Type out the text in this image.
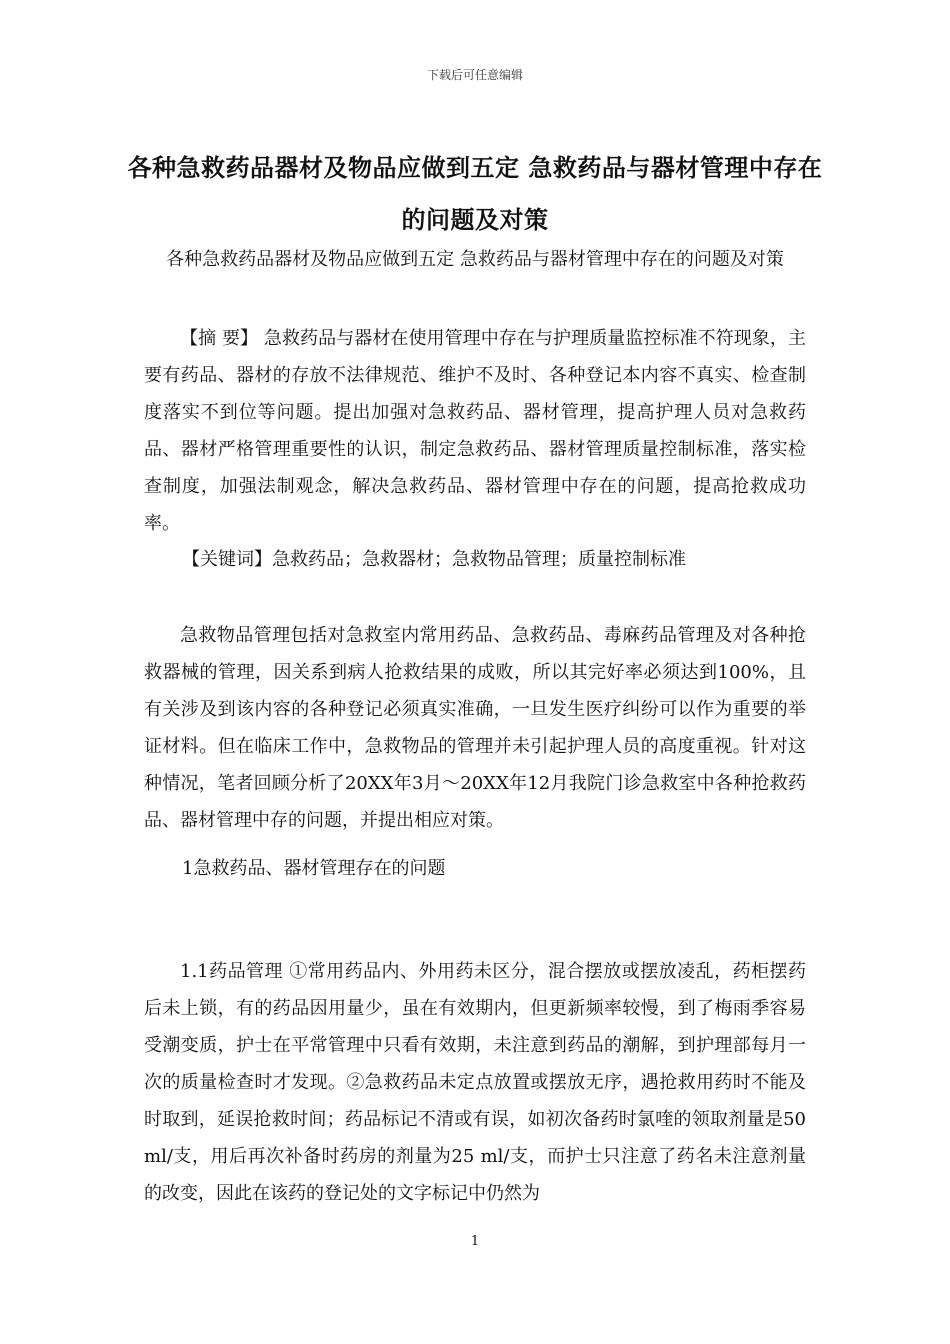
下载后可任意编辑
各种急救药品器材及物品应做到五定 急救药品与器材管理中存在的问题及对策
各种急救药品器材及物品应做到五定 急救药品与器材管理中存在的问题及对策

【摘 要】 急救药品与器材在使用管理中存在与护理质量监控标准不符现象，主要有药品、器材的存放不法律规范、维护不及时、各种登记本内容不真实、检查制度落实不到位等问题。提出加强对急救药品、器材管理，提高护理人员对急救药品、器材严格管理重要性的认识，制定急救药品、器材管理质量控制标准，落实检查制度，加强法制观念，解决急救药品、器材管理中存在的问题，提高抢救成功率。

【关键词】急救药品；急救器材；急救物品管理；质量控制标准

急救物品管理包括对急救室内常用药品、急救药品、毒麻药品管理及对各种抢救器械的管理，因关系到病人抢救结果的成败，所以其完好率必须达到100%，且有关涉及到该内容的各种登记必须真实准确，一旦发生医疗纠纷可以作为重要的举证材料。但在临床工作中，急救物品的管理并未引起护理人员的高度重视。针对这种情况，笔者回顾分析了20XX年3月～20XX年12月我院门诊急救室中各种抢救药品、器材管理中存的问题，并提出相应对策。

1急救药品、器材管理存在的问题

1.1药品管理 ①常用药品内、外用药未区分，混合摆放或摆放凌乱，药柜摆药后未上锁，有的药品因用量少，虽在有效期内，但更新频率较慢，到了梅雨季容易受潮变质，护士在平常管理中只看有效期，未注意到药品的潮解，到护理部每月一次的质量检查时才发现。②急救药品未定点放置或摆放无序，遇抢救用药时不能及时取到，延误抢救时间；药品标记不清或有误，如初次备药时氯喹的领取剂量是50 ml/支，用后再次补备时药房的剂量为25 ml/支，而护士只注意了药名未注意剂量的改变，因此在该药的登记处的文字标记中仍然为

1
